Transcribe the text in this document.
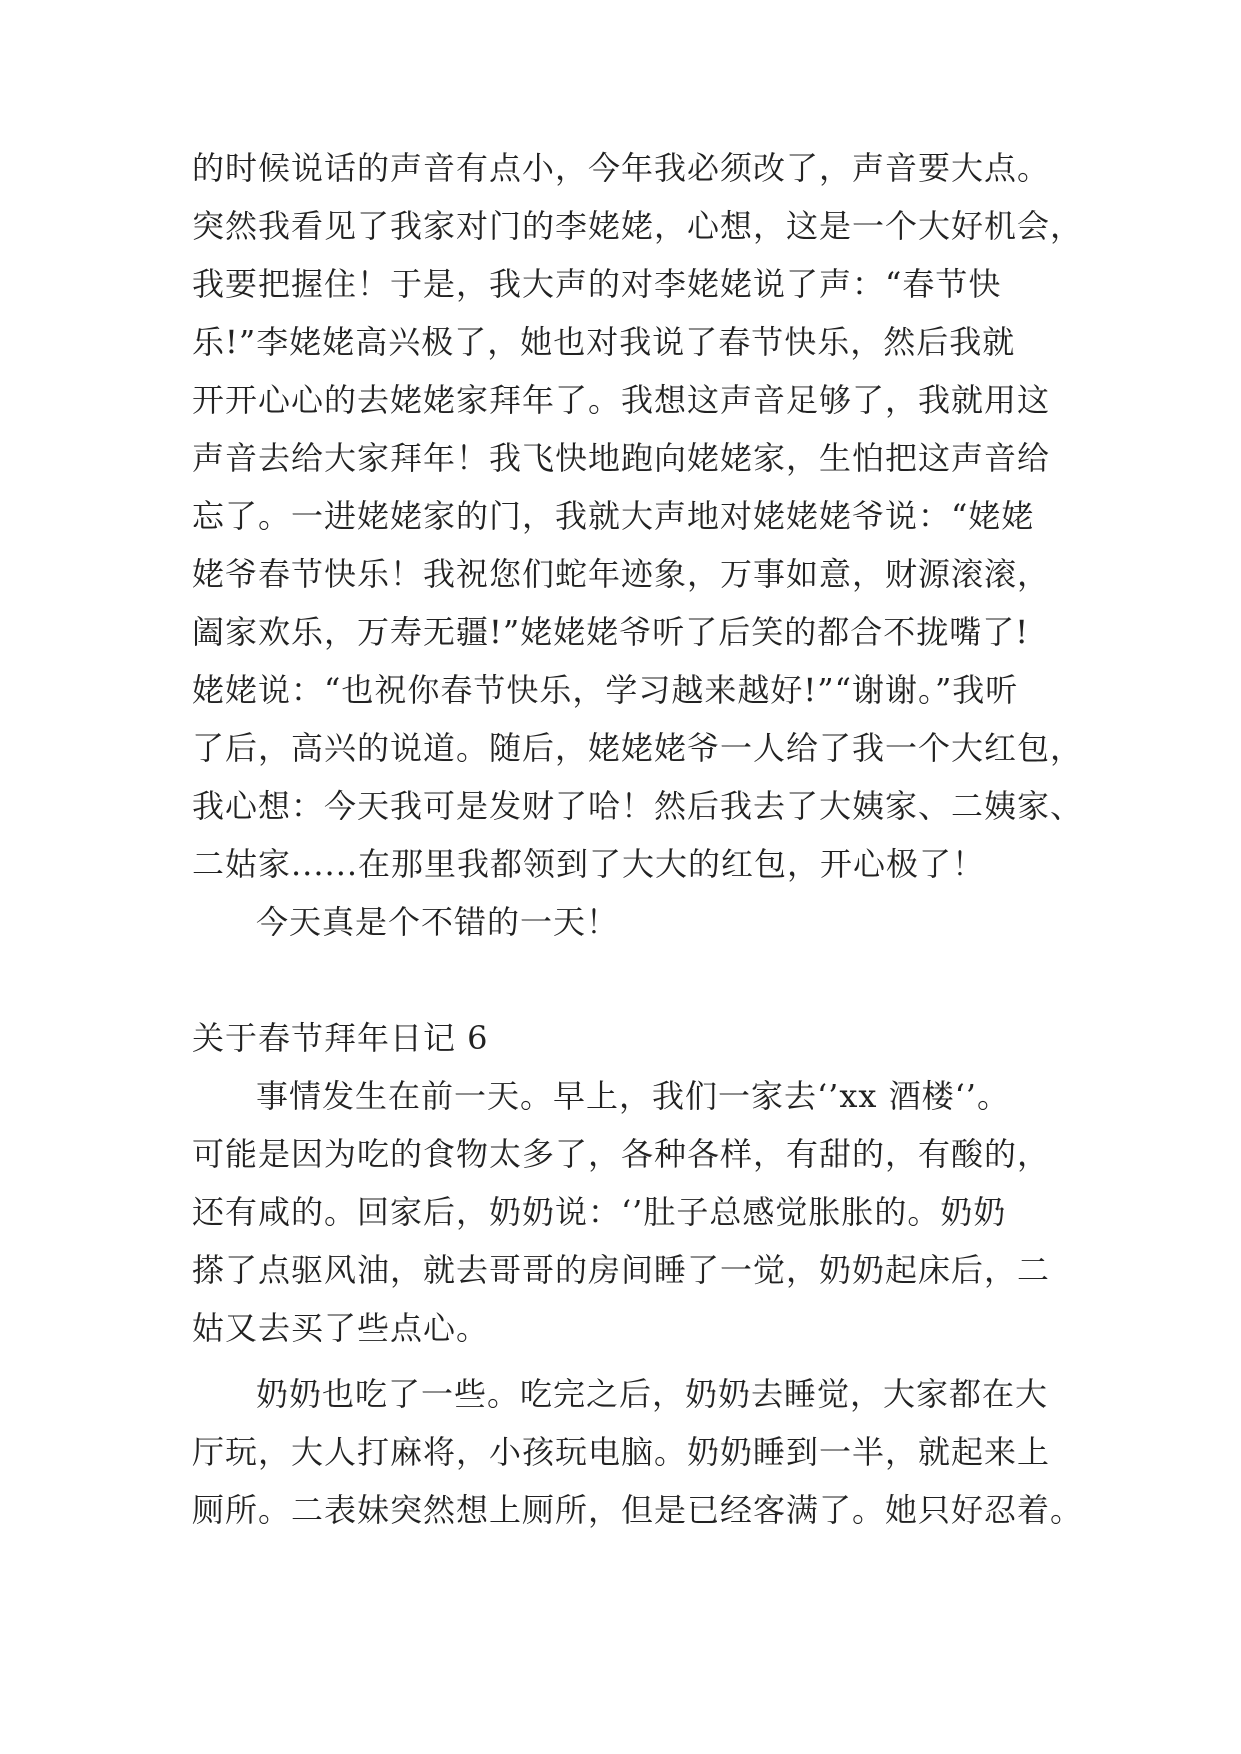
的时候说话的声音有点小，今年我必须改了，声音要大点。
突然我看见了我家对门的李姥姥，心想，这是一个大好机会，
我要把握住！于是，我大声的对李姥姥说了声：“春节快
乐!”李姥姥高兴极了，她也对我说了春节快乐，然后我就
开开心心的去姥姥家拜年了。我想这声音足够了，我就用这
声音去给大家拜年！我飞快地跑向姥姥家，生怕把这声音给
忘了。一进姥姥家的门，我就大声地对姥姥姥爷说：“姥姥
姥爷春节快乐！我祝您们蛇年迹象，万事如意，财源滚滚，
阖家欢乐，万寿无疆!”姥姥姥爷听了后笑的都合不拢嘴了!
姥姥说：“也祝你春节快乐，学习越来越好!”“谢谢。”我听
了后，高兴的说道。随后，姥姥姥爷一人给了我一个大红包，
我心想：今天我可是发财了哈！然后我去了大姨家、二姨家、
二姑家......在那里我都领到了大大的红包，开心极了！
今天真是个不错的一天！
关于春节拜年日记 6
事情发生在前一天。早上，我们一家去‘’xx 酒楼‘’。
可能是因为吃的食物太多了，各种各样，有甜的，有酸的，
还有咸的。回家后，奶奶说：‘’肚子总感觉胀胀的。奶奶
搽了点驱风油，就去哥哥的房间睡了一觉，奶奶起床后，二
姑又去买了些点心。
奶奶也吃了一些。吃完之后，奶奶去睡觉，大家都在大
厅玩，大人打麻将，小孩玩电脑。奶奶睡到一半，就起来上
厕所。二表妹突然想上厕所，但是已经客满了。她只好忍着。
